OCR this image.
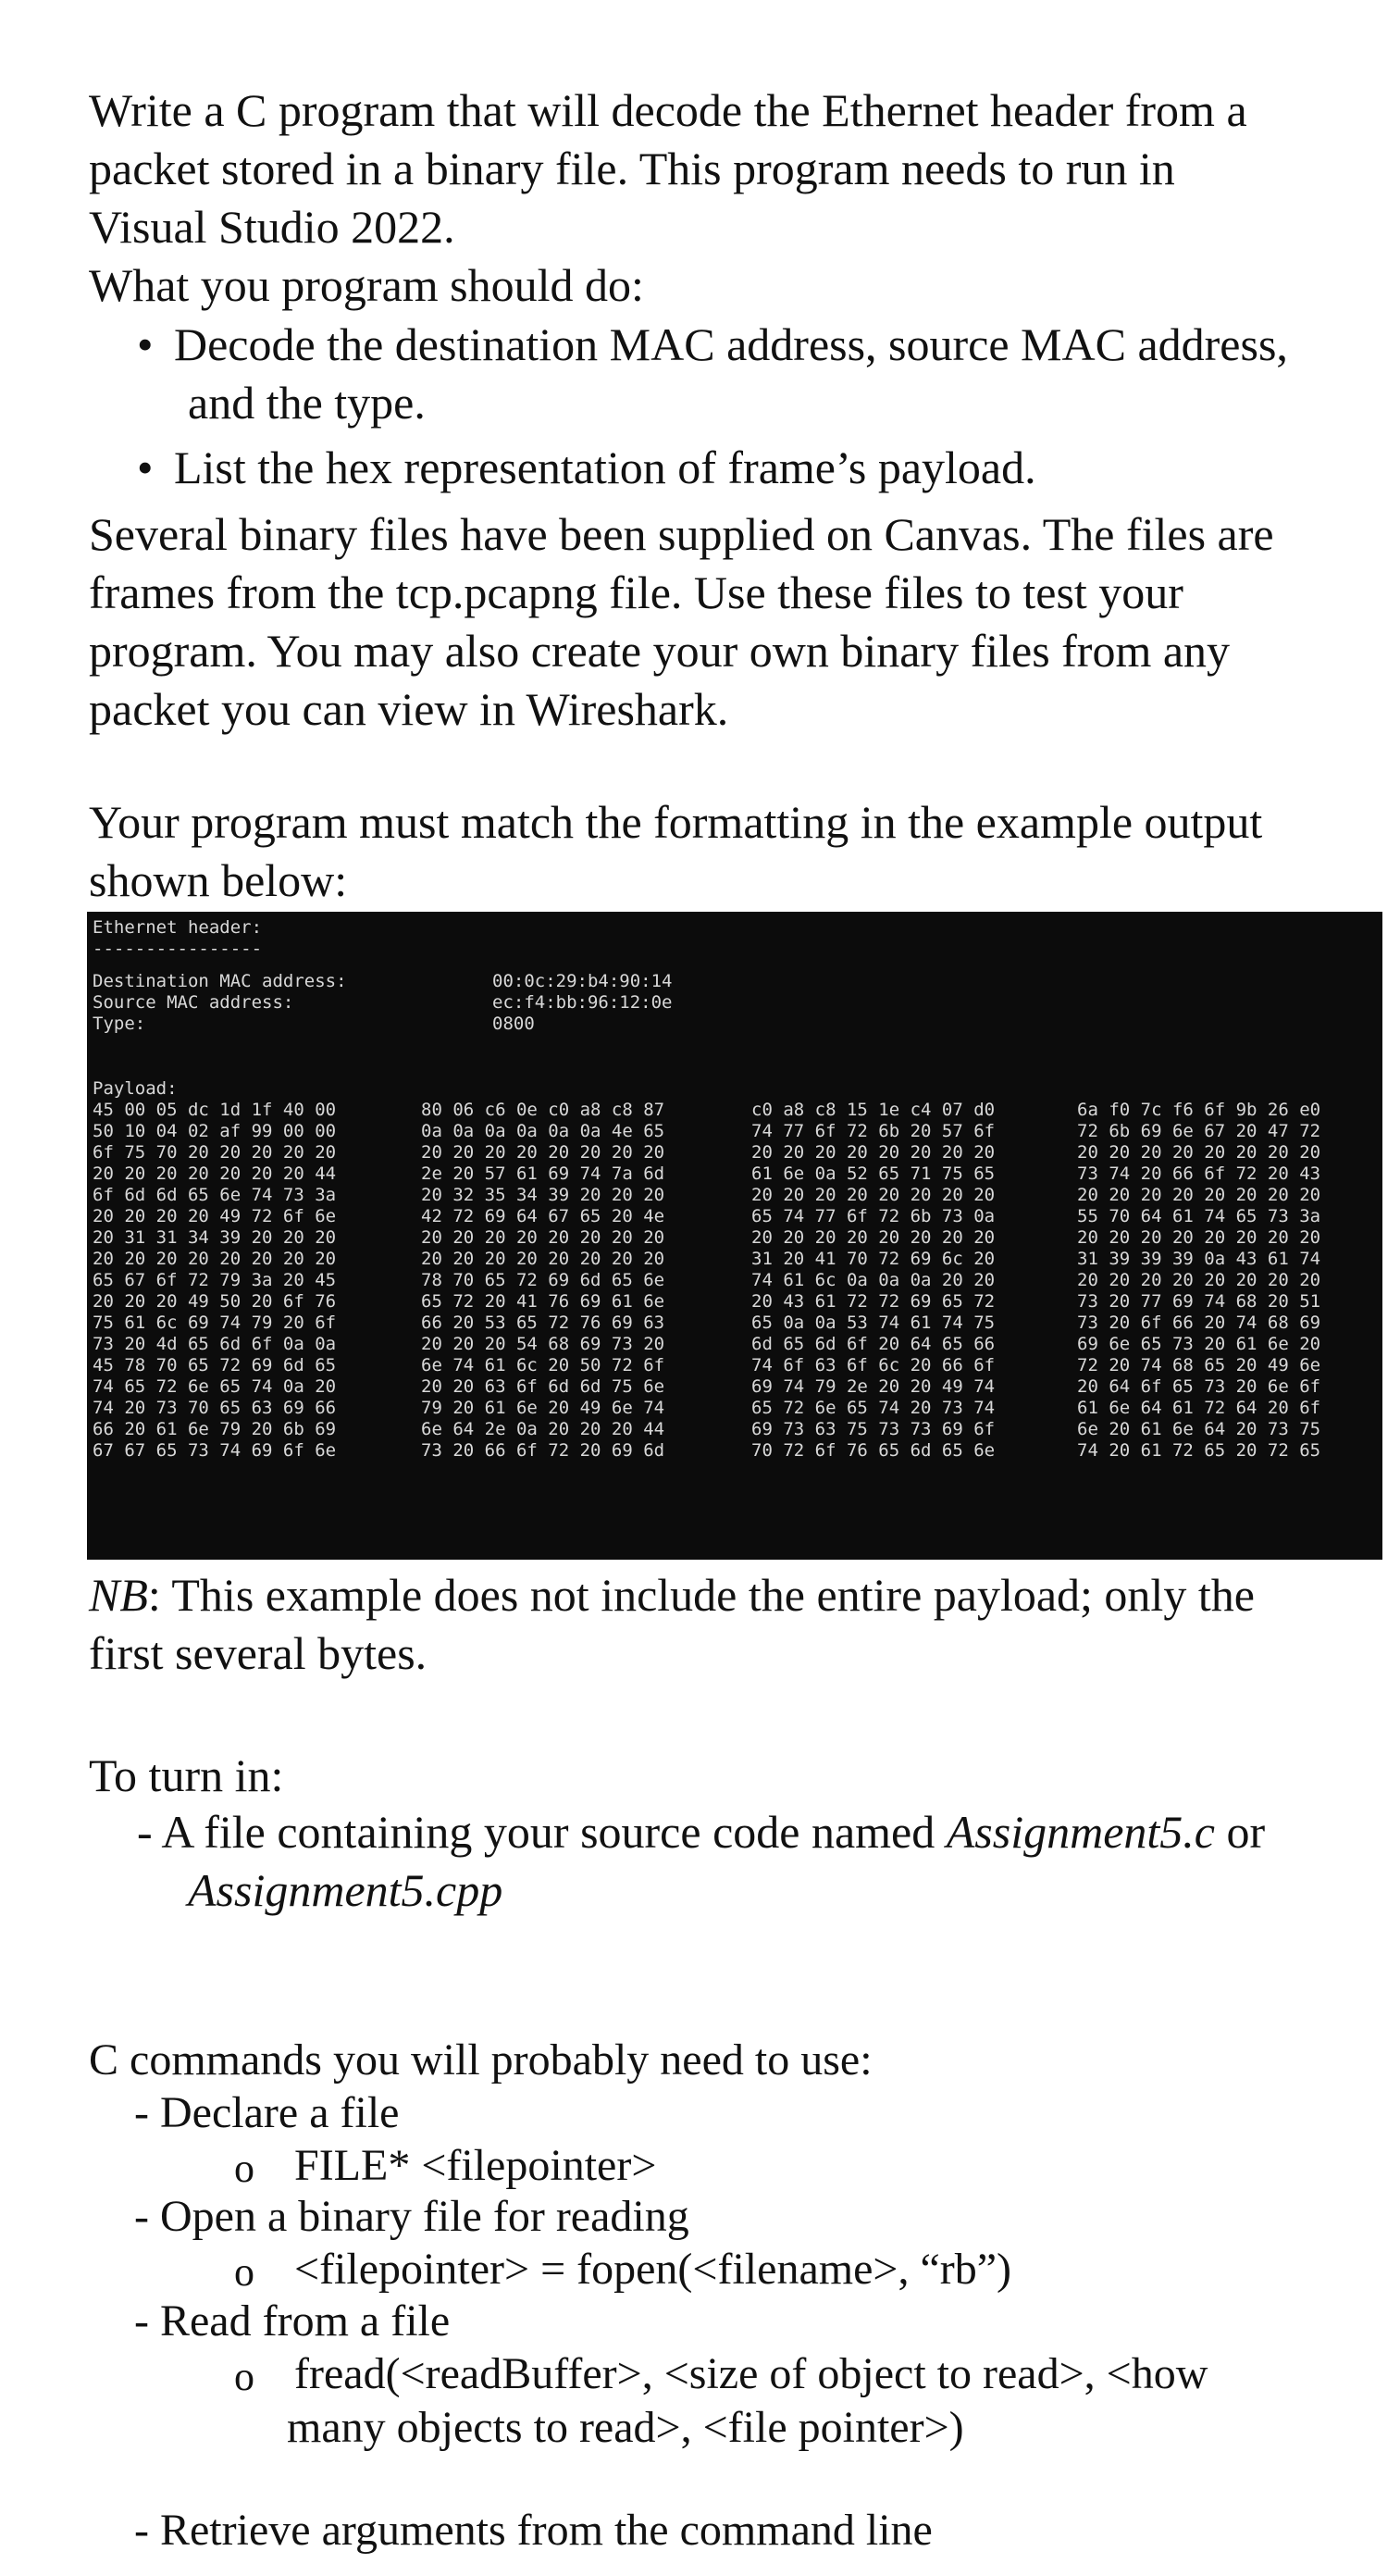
Write a C program that will decode the Ethernet header from a

packet stored in a binary file. This program needs to run in

Visual Studio 2022.

What you program should do:

• Decode the destination MAC address, source MAC address,

and the type.

• List the hex representation of frame’s payload.

Several binary files have been supplied on Canvas. The files are

frames from the tcp.pcapng file. Use these files to test your

program. You may also create your own binary files from any

packet you can view in Wireshark.

Your program must match the formatting in the example output

shown below:

Ethernet header:
----------------
Destination MAC address:	00:0c:29:b4:90:14
Source MAC address:	ec:f4:bb:96:12:0e
Type:	0800
Payload:
45 00 05 dc 1d 1f 40 00	80 06 c6 0e c0 a8 c8 87	c0 a8 c8 15 1e c4 07 d0	6a f0 7c f6 6f 9b 26 e0
50 10 04 02 af 99 00 00	0a 0a 0a 0a 0a 0a 4e 65	74 77 6f 72 6b 20 57 6f	72 6b 69 6e 67 20 47 72
6f 75 70 20 20 20 20 20	20 20 20 20 20 20 20 20	20 20 20 20 20 20 20 20	20 20 20 20 20 20 20 20
20 20 20 20 20 20 20 44	2e 20 57 61 69 74 7a 6d	61 6e 0a 52 65 71 75 65	73 74 20 66 6f 72 20 43
6f 6d 6d 65 6e 74 73 3a	20 32 35 34 39 20 20 20	20 20 20 20 20 20 20 20	20 20 20 20 20 20 20 20
20 20 20 20 49 72 6f 6e	42 72 69 64 67 65 20 4e	65 74 77 6f 72 6b 73 0a	55 70 64 61 74 65 73 3a
20 31 31 34 39 20 20 20	20 20 20 20 20 20 20 20	20 20 20 20 20 20 20 20	20 20 20 20 20 20 20 20
20 20 20 20 20 20 20 20	20 20 20 20 20 20 20 20	31 20 41 70 72 69 6c 20	31 39 39 39 0a 43 61 74
65 67 6f 72 79 3a 20 45	78 70 65 72 69 6d 65 6e	74 61 6c 0a 0a 0a 20 20	20 20 20 20 20 20 20 20
20 20 20 49 50 20 6f 76	65 72 20 41 76 69 61 6e	20 43 61 72 72 69 65 72	73 20 77 69 74 68 20 51
75 61 6c 69 74 79 20 6f	66 20 53 65 72 76 69 63	65 0a 0a 53 74 61 74 75	73 20 6f 66 20 74 68 69
73 20 4d 65 6d 6f 0a 0a	20 20 20 54 68 69 73 20	6d 65 6d 6f 20 64 65 66	69 6e 65 73 20 61 6e 20
45 78 70 65 72 69 6d 65	6e 74 61 6c 20 50 72 6f	74 6f 63 6f 6c 20 66 6f	72 20 74 68 65 20 49 6e
74 65 72 6e 65 74 0a 20	20 20 63 6f 6d 6d 75 6e	69 74 79 2e 20 20 49 74	20 64 6f 65 73 20 6e 6f
74 20 73 70 65 63 69 66	79 20 61 6e 20 49 6e 74	65 72 6e 65 74 20 73 74	61 6e 64 61 72 64 20 6f
66 20 61 6e 79 20 6b 69	6e 64 2e 0a 20 20 20 44	69 73 63 75 73 73 69 6f	6e 20 61 6e 64 20 73 75
67 67 65 73 74 69 6f 6e	73 20 66 6f 72 20 69 6d	70 72 6f 76 65 6d 65 6e	74 20 61 72 65 20 72 65

NB: This example does not include the entire payload; only the

first several bytes.

To turn in:

- A file containing your source code named Assignment5.c or

Assignment5.cpp

C commands you will probably need to use:

- Declare a file

o FILE* <filepointer>

- Open a binary file for reading

o <filepointer> = fopen(<filename>, “rb”)

- Read from a file

o fread(<readBuffer>, <size of object to read>, <how

many objects to read>, <file pointer>)

- Retrieve arguments from the command line
